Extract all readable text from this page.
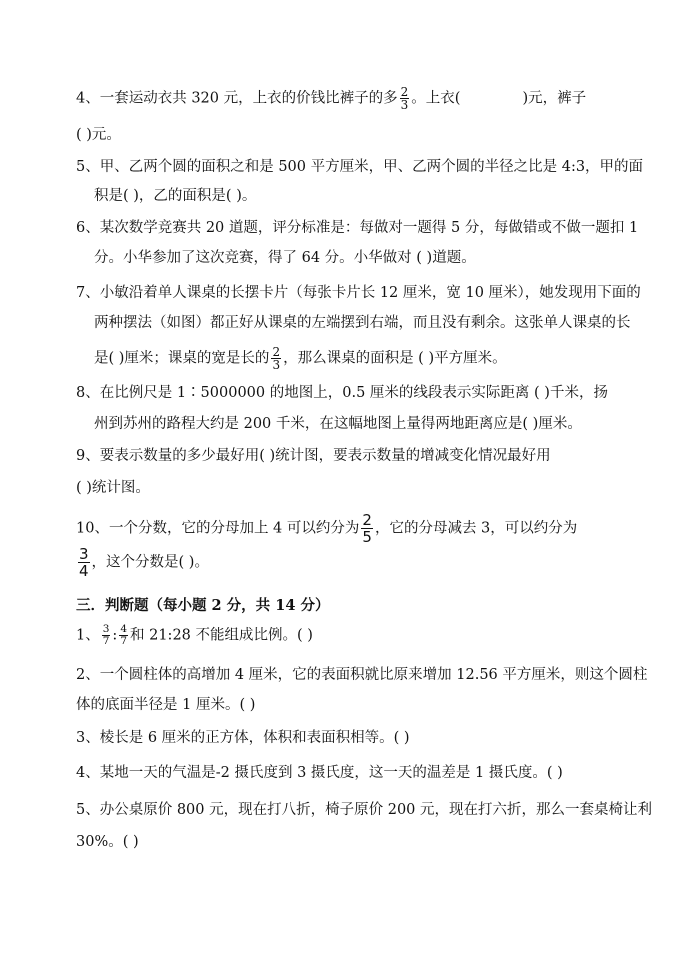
4、一套运动衣共 320 元，上衣的价钱比裤子的多 $\frac{2}{3}$ 。上衣(	)元，裤子
( )元。
5、甲、乙两个圆的面积之和是 500 平方厘米，甲、乙两个圆的半径之比是 4:3，甲的面
积是( )，乙的面积是( )。
6、某次数学竞赛共 20 道题，评分标准是：每做对一题得 5 分，每做错或不做一题扣 1
分。小华参加了这次竞赛，得了 64 分。小华做对 ( )道题。
7、小敏沿着单人课桌的长摆卡片（每张卡片长 12 厘米，宽 10 厘米），她发现用下面的
两种摆法（如图）都正好从课桌的左端摆到右端，而且没有剩余。这张单人课桌的长
是( )厘米；课桌的宽是长的 $\frac{2}{3}$ ，那么课桌的面积是 ( )平方厘米。
8、在比例尺是 1∶5000000 的地图上，0.5 厘米的线段表示实际距离 ( )千米，扬
州到苏州的路程大约是 200 千米，在这幅地图上量得两地距离应是( )厘米。
9、要表示数量的多少最好用( )统计图，要表示数量的增减变化情况最好用
( )统计图。
10、一个分数，它的分母加上 4 可以约分为 $\frac{2}{5}$ ，它的分母减去 3，可以约分为
$\frac{3}{4}$ ，这个分数是( )。
三．判断题（每小题 2 分，共 14 分）
1、 $\frac{3}{7}$ : $\frac{4}{7}$ 和 21:28 不能组成比例。( )
2、一个圆柱体的高增加 4 厘米，它的表面积就比原来增加 12.56 平方厘米，则这个圆柱
体的底面半径是 1 厘米。( )
3、棱长是 6 厘米的正方体，体积和表面积相等。( )
4、某地一天的气温是-2 摄氏度到 3 摄氏度，这一天的温差是 1 摄氏度。( )
5、办公桌原价 800 元，现在打八折，椅子原价 200 元，现在打六折，那么一套桌椅让利
30%。( )
